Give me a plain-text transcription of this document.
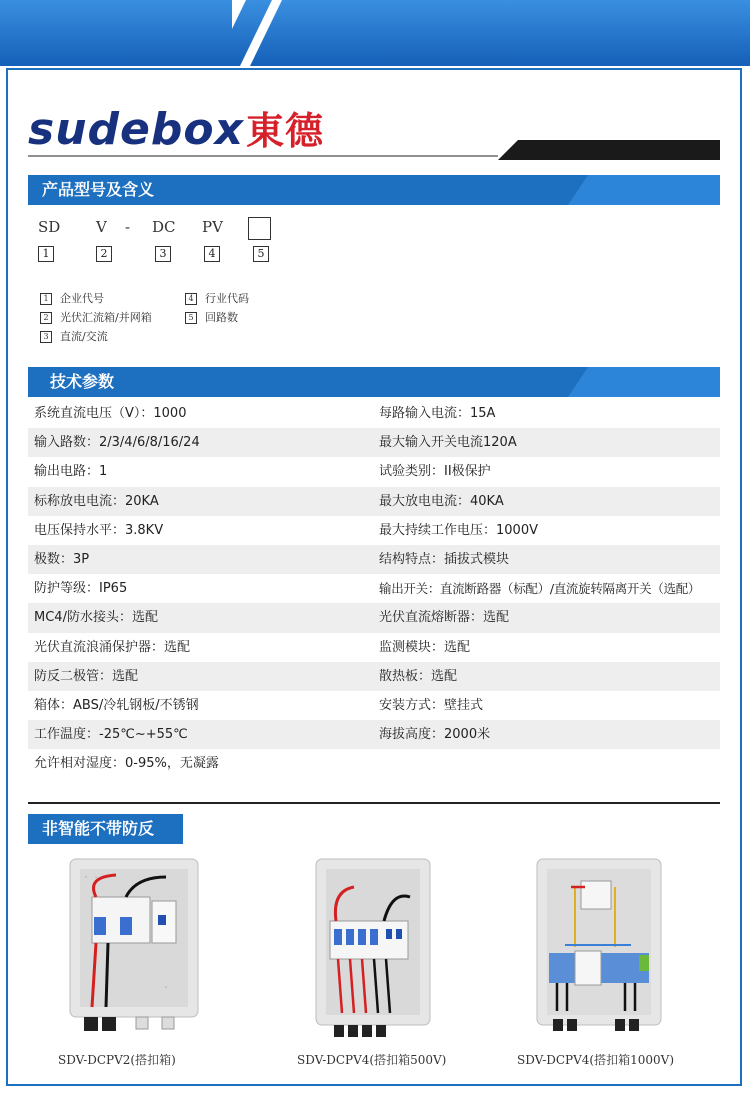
sudebox東德
产品型号及含义
SD V - DC PV
1	2	3	4	5
1 企业代号
2 光伏汇流箱/并网箱
3 直流/交流
4 行业代码
5 回路数
技术参数
系统直流电压（V）：1000	每路输入电流：15A
输入路数：2/3/4/6/8/16/24	最大输入开关电流120A
输出电路：1	试验类别：II极保护
标称放电电流：20KA	最大放电电流：40KA
电压保持水平：3.8KV	最大持续工作电压：1000V
极数：3P	结构特点：插拔式模块
防护等级：IP65	输出开关：直流断路器（标配）/直流旋转隔离开关（选配）
MC4/防水接头：选配	光伏直流熔断器：选配
光伏直流浪涌保护器：选配	监测模块：选配
防反二极管：选配	散热板：选配
箱体：ABS/冷轧钢板/不锈钢	安装方式：壁挂式
工作温度：-25℃~+55℃	海拔高度：2000米
允许相对湿度：0-95%，无凝露
非智能不带防反
SDV-DCPV2(搭扣箱)	SDV-DCPV4(搭扣箱500V)	SDV-DCPV4(搭扣箱1000V)
